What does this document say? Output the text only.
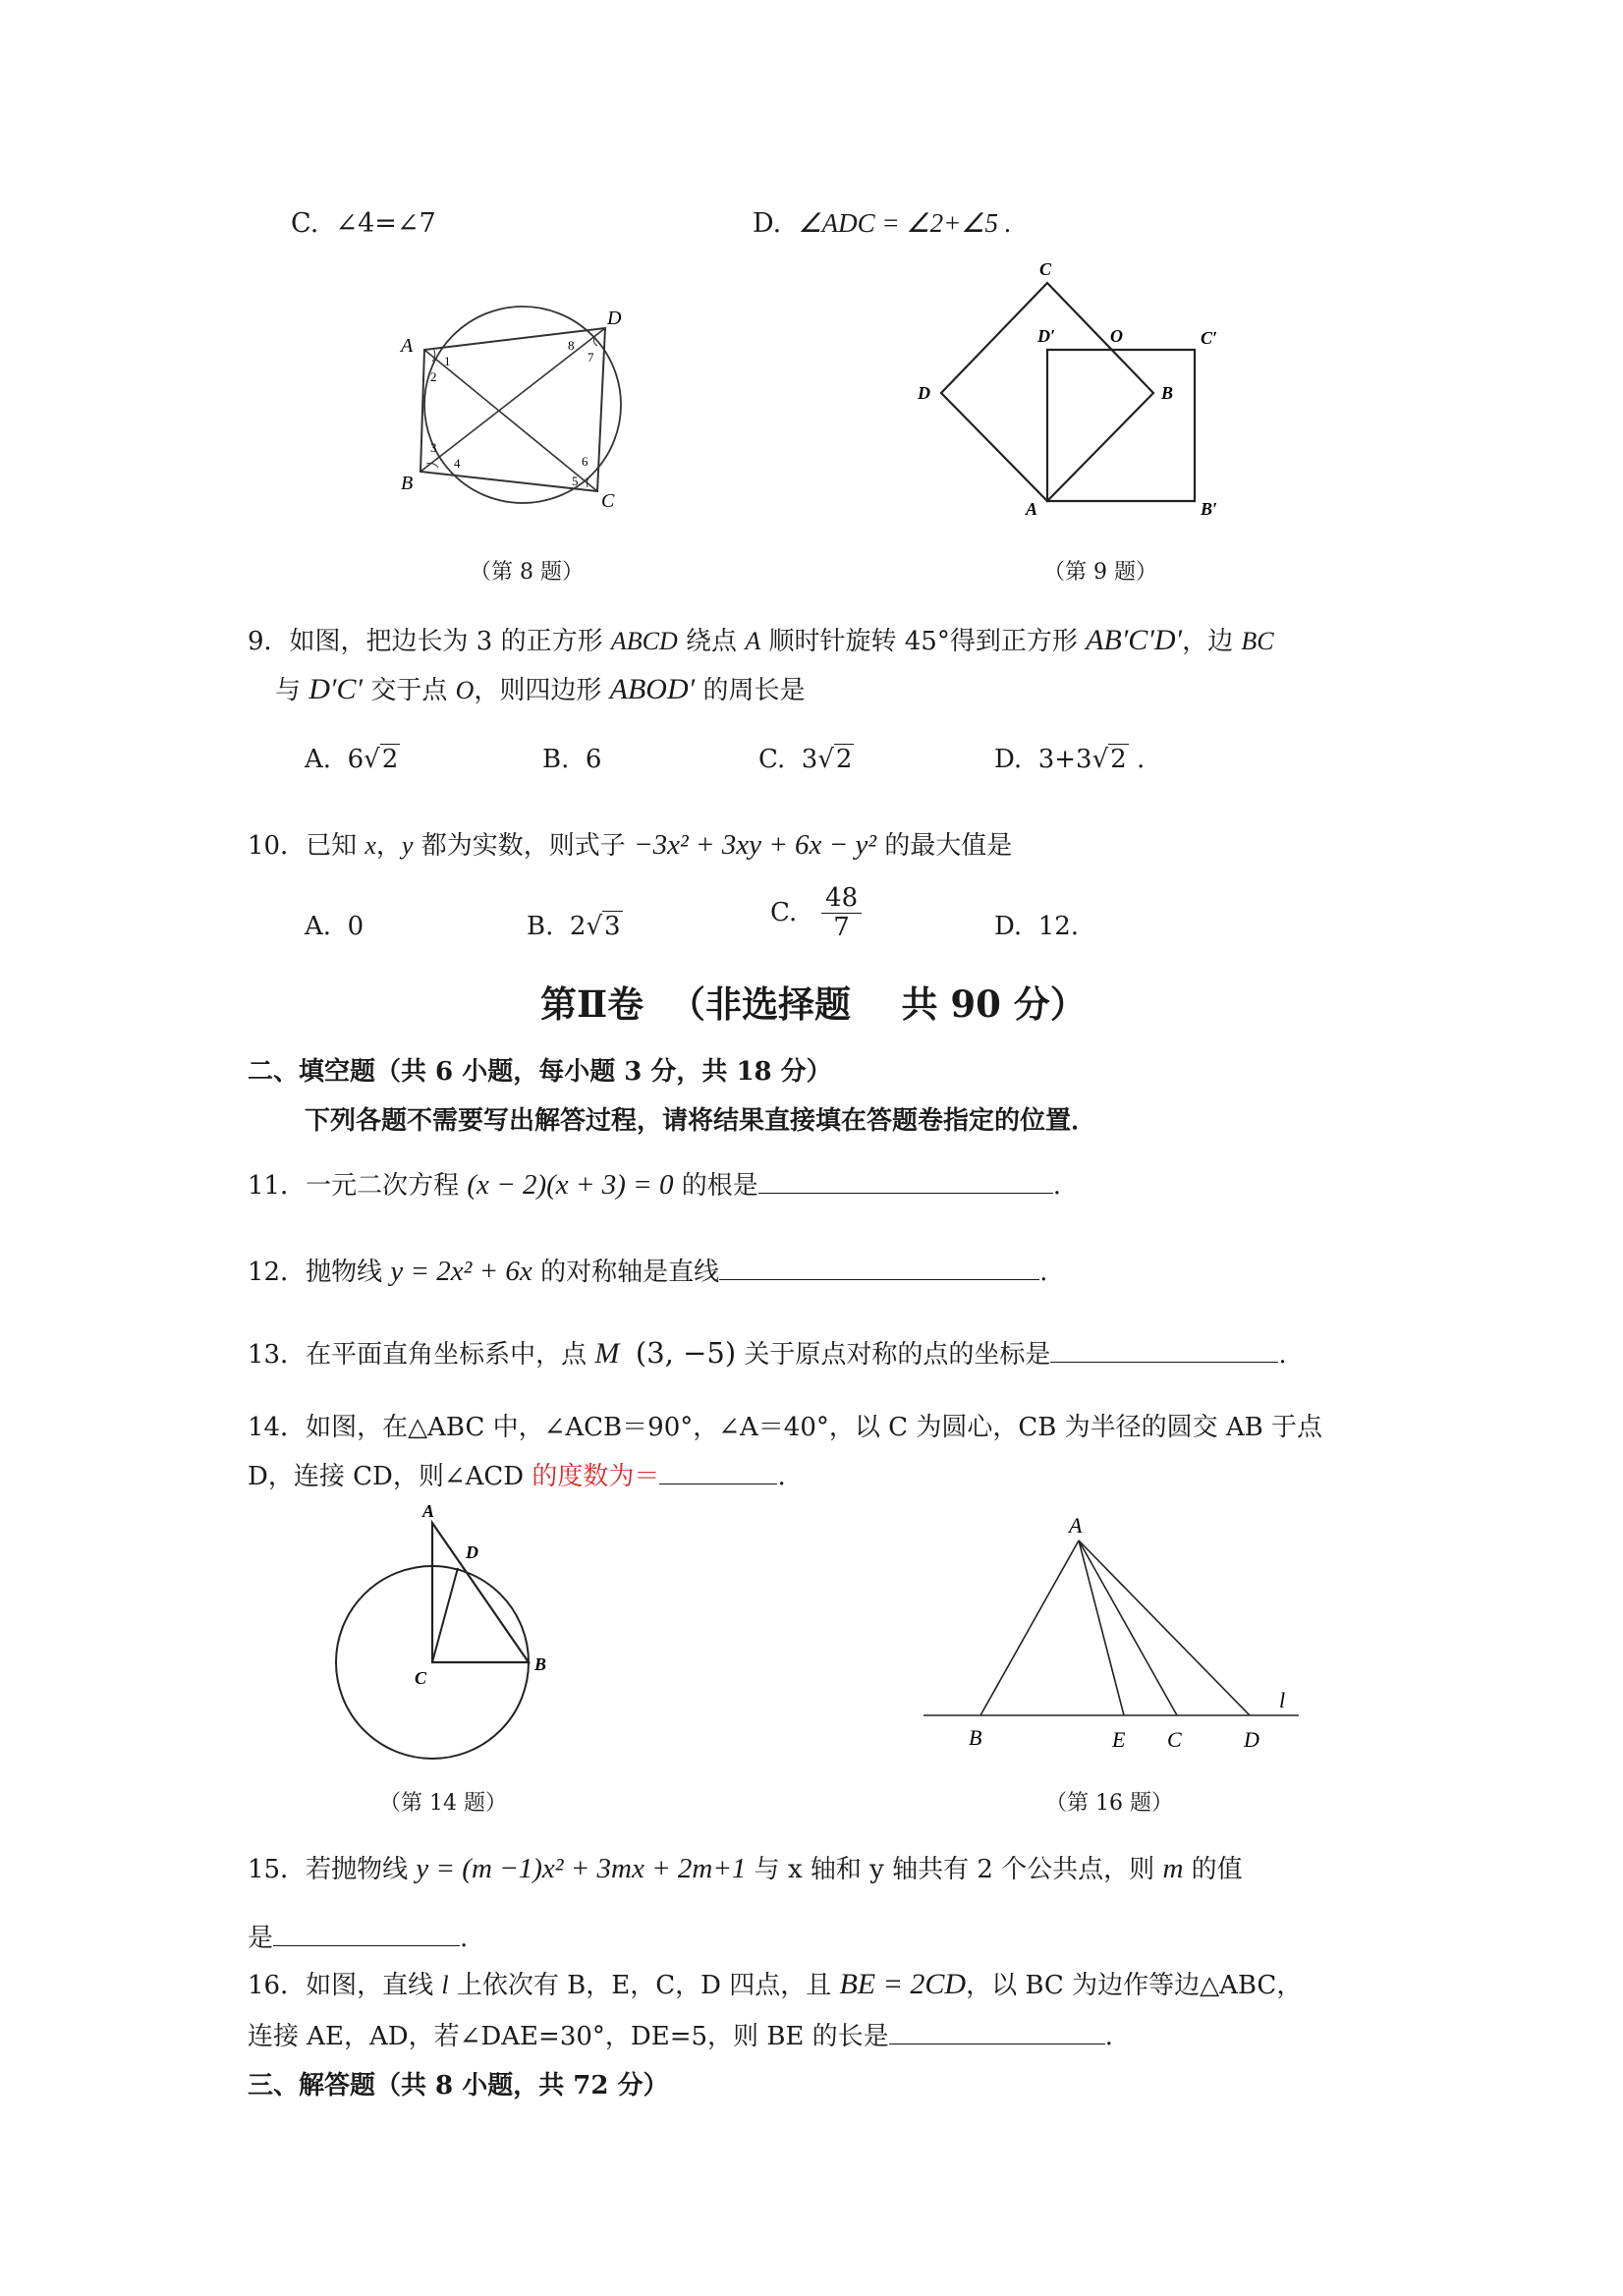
C. ∠4=∠7	D. ∠ADC = ∠2+∠5 .
A
D
B
C
1
2
3
4
5
6
7
8
（第 8 题）
C
D′	O	C′
D	B
A	B′
（第 9 题）
9．如图，把边长为 3 的正方形 ABCD 绕点 A 顺时针旋转 45°得到正方形 AB′C′D′，边 BC
与 D′C′ 交于点 O，则四边形 ABOD′ 的周长是
A. 6√2	B. 6	C. 3√2	D. 3+3√2 .
10．已知 x，y 都为实数，则式子 −3x² + 3xy + 6x − y² 的最大值是
A. 0	B. 2√3	C. $\frac{48}{7}$	D. 12.
第Ⅱ卷  （非选择题    共 90 分）
二、填空题（共 6 小题，每小题 3 分，共 18 分）
下列各题不需要写出解答过程，请将结果直接填在答题卷指定的位置．
11．一元二次方程 (x − 2)(x + 3) = 0 的根是	.
12．抛物线 y = 2x² + 6x 的对称轴是直线	.
13．在平面直角坐标系中，点 M (3, −5) 关于原点对称的点的坐标是	.
14．如图，在△ABC 中，∠ACB＝90°，∠A＝40°，以 C 为圆心，CB 为半径的圆交 AB 于点
D，连接 CD，则∠ACD 的度数为＝	.
A
D
C
B
（第 14 题）
A
B	E C	D
l
（第 16 题）
15．若抛物线 y = (m −1)x² + 3mx + 2m+1 与 x 轴和 y 轴共有 2 个公共点，则 m 的值
是	.
16．如图，直线 l 上依次有 B，E，C，D 四点，且 BE = 2CD，以 BC 为边作等边△ABC，
连接 AE，AD，若∠DAE=30°，DE=5，则 BE 的长是	.
三、解答题（共 8 小题，共 72 分）
